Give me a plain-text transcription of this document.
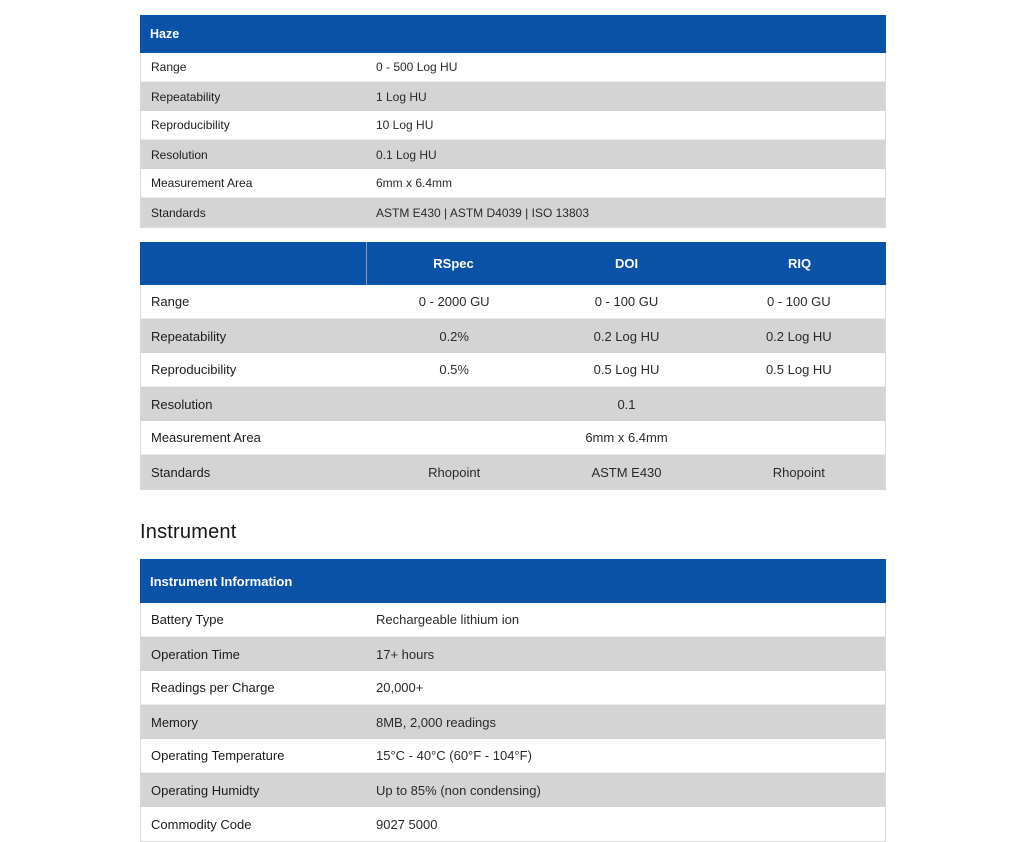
Haze
Range	0 - 500 Log HU
Repeatability	1 Log HU
Reproducibility	10 Log HU
Resolution	0.1 Log HU
Measurement Area	6mm x 6.4mm
Standards	ASTM E430 | ASTM D4039 | ISO 13803
RSpec	DOI	RIQ
Range	0 - 2000 GU	0 - 100 GU	0 - 100 GU
Repeatability	0.2%	0.2 Log HU	0.2 Log HU
Reproducibility	0.5%	0.5 Log HU	0.5 Log HU
Resolution	0.1
Measurement Area	6mm x 6.4mm
Standards	Rhopoint	ASTM E430	Rhopoint
Instrument
Instrument Information
Battery Type	Rechargeable lithium ion
Operation Time	17+ hours
Readings per Charge	20,000+
Memory	8MB, 2,000 readings
Operating Temperature	15°C - 40°C (60°F - 104°F)
Operating Humidty	Up to 85% (non condensing)
Commodity Code	9027 5000
